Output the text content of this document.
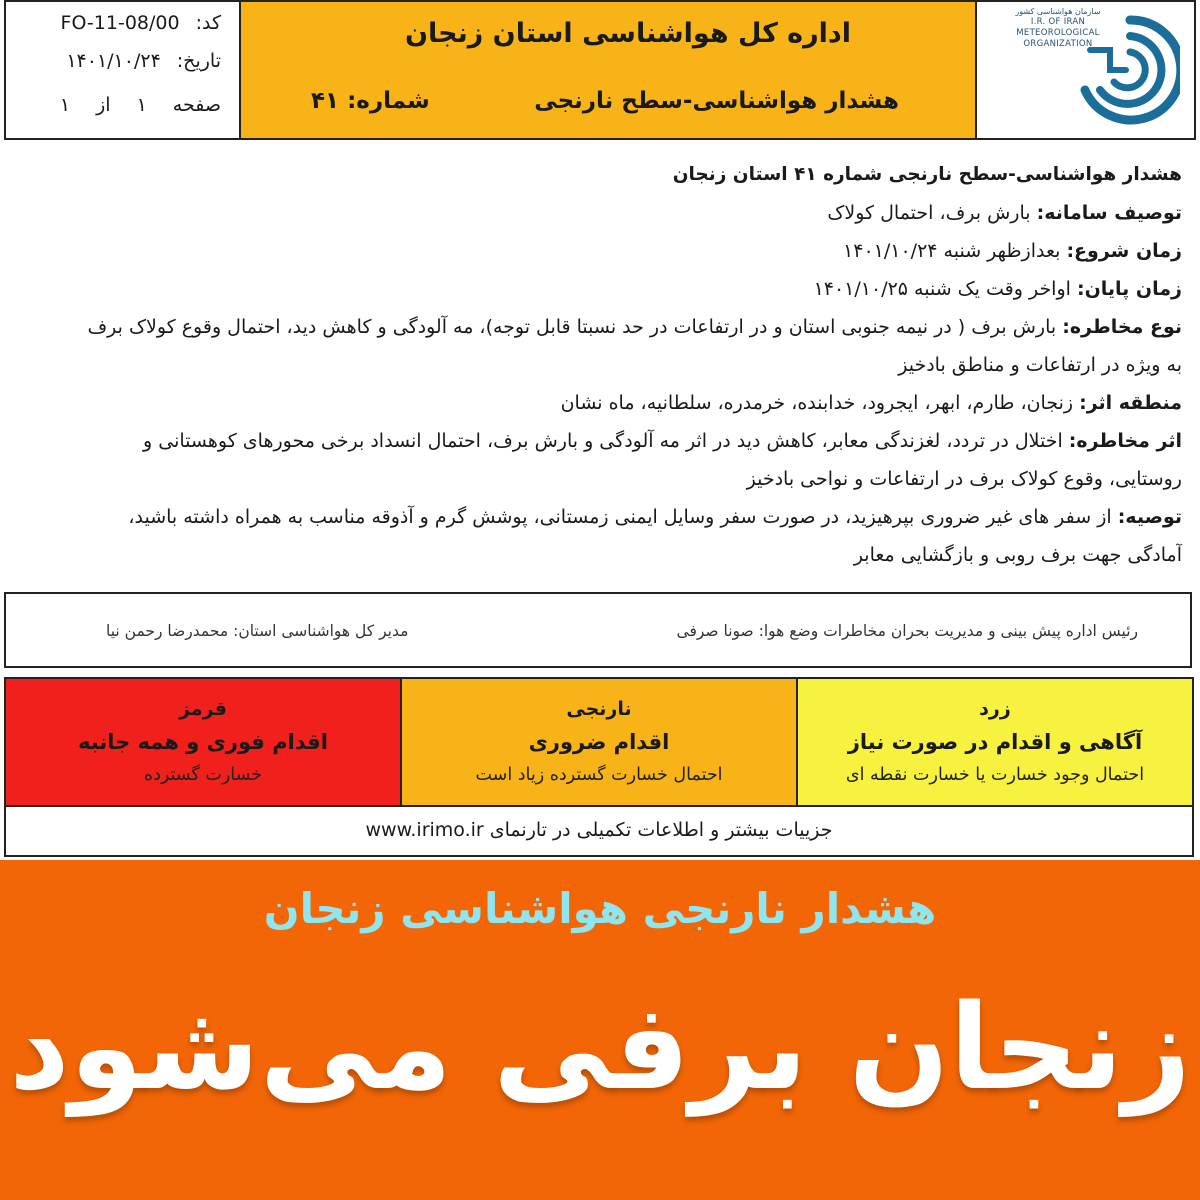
سازمان هواشناسی کشور
I.R. OF IRAN
METEOROLOGICAL
ORGANIZATION
اداره کل هواشناسی استان زنجان
هشدار هواشناسی-سطح نارنجی
شماره: ۴۱
کد:
FO-11-08/00
تاریخ:
۱۴۰۱/۱۰/۲۴
صفحه
۱
از
۱
هشدار هواشناسی-سطح نارنجی شماره ۴۱ استان زنجان
توصیف سامانه: بارش برف، احتمال کولاک
زمان شروع: بعدازظهر شنبه ۱۴۰۱/۱۰/۲۴
زمان پایان: اواخر وقت یک شنبه ۱۴۰۱/۱۰/۲۵
نوع مخاطره: بارش برف ( در نیمه جنوبی استان و در ارتفاعات در حد نسبتا قابل توجه)، مه آلودگی و کاهش دید، احتمال وقوع کولاک برف
به ویژه در ارتفاعات و مناطق بادخیز
منطقه اثر: زنجان، طارم، ابهر، ایجرود، خدابنده، خرمدره، سلطانیه، ماه نشان
اثر مخاطره: اختلال در تردد، لغزندگی معابر، کاهش دید در اثر مه آلودگی و بارش برف، احتمال انسداد برخی محورهای کوهستانی و
روستایی، وقوع کولاک برف در ارتفاعات و نواحی بادخیز
توصیه: از سفر های غیر ضروری بپرهیزید، در صورت سفر وسایل ایمنی زمستانی، پوشش گرم و آذوقه مناسب به همراه داشته باشید،
آمادگی جهت برف روبی و بازگشایی معابر
رئیس اداره پیش بینی و مدیریت بحران مخاطرات وضع هوا: صونا صرفی
مدیر کل هواشناسی استان: محمدرضا رحمن نیا
زرد
آگاهی و اقدام در صورت نیاز
احتمال وجود خسارت یا خسارت نقطه ای
نارنجی
اقدام ضروری
احتمال خسارت گسترده زیاد است
قرمز
اقدام فوری و همه جانبه
خسارت گسترده
جزییات بیشتر و اطلاعات تکمیلی در تارنمای www.irimo.ir
هشدار نارنجی هواشناسی زنجان
زنجان برفی می‌شود
